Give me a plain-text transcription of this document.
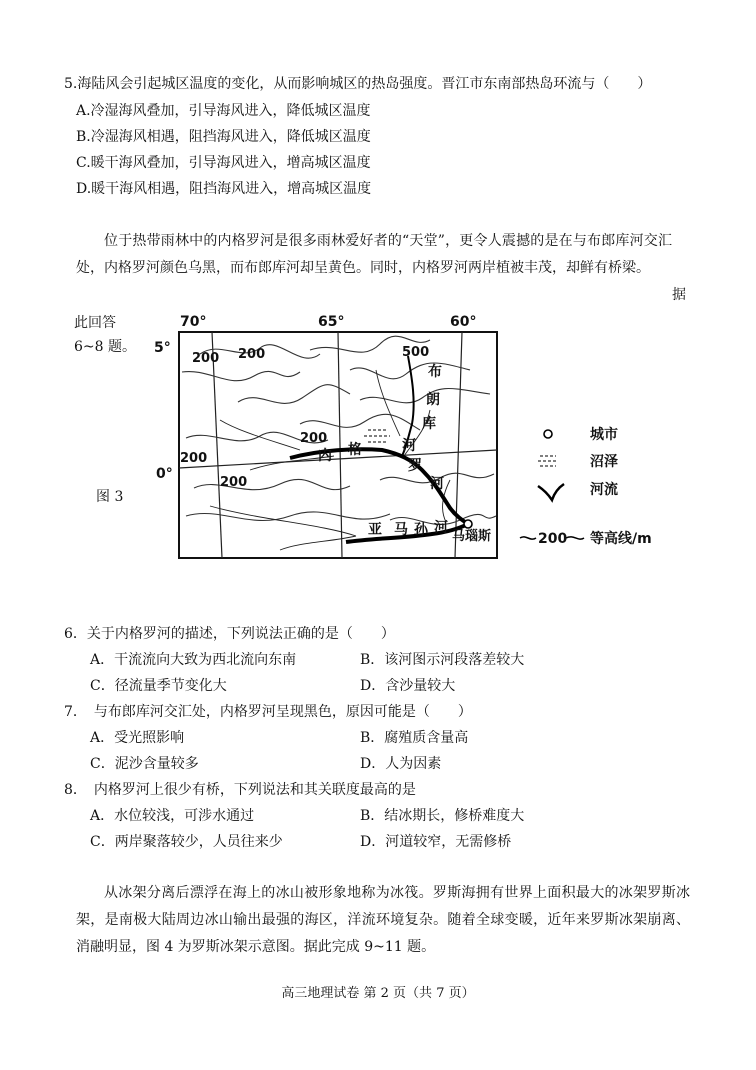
5.海陆风会引起城区温度的变化，从而影响城区的热岛强度。晋江市东南部热岛环流与（　　）
A.冷湿海风叠加，引导海风进入，降低城区温度
B.冷湿海风相遇，阻挡海风进入，降低城区温度
C.暖干海风叠加，引导海风进入，增高城区温度
D.暖干海风相遇，阻挡海风进入，增高城区温度
位于热带雨林中的内格罗河是很多雨林爱好者的“天堂”，更令人震撼的是在与布郎库河交汇处，内格罗河颜色乌黑，而布郎库河却呈黄色。同时，内格罗河两岸植被丰茂，却鲜有桥梁。
据
此回答
6~8 题。
图 3
70°	65°	60°
5°
0°
200 200	500
200
200
200
内 格	河
罗
河
布
朗
库
亚 马 孙 河
马瑙斯
城市
沼泽
河流
200 等高线/m
6．关于内格罗河的描述，下列说法正确的是（　　）
A．干流流向大致为西北流向东南	B．该河图示河段落差较大
C．径流量季节变化大	D．含沙量较大
7．　与布郎库河交汇处，内格罗河呈现黑色，原因可能是（　　）
A．受光照影响	B．腐殖质含量高
C．泥沙含量较多	D．人为因素
8．　内格罗河上很少有桥，下列说法和其关联度最高的是
A．水位较浅，可涉水通过	B．结冰期长，修桥难度大
C．两岸聚落较少，人员往来少	D．河道较窄，无需修桥
从冰架分离后漂浮在海上的冰山被形象地称为冰筏。罗斯海拥有世界上面积最大的冰架罗斯冰架，是南极大陆周边冰山输出最强的海区，洋流环境复杂。随着全球变暖，近年来罗斯冰架崩离、消融明显，图 4 为罗斯冰架示意图。据此完成 9~11 题。
高三地理试卷 第 2 页（共 7 页）
